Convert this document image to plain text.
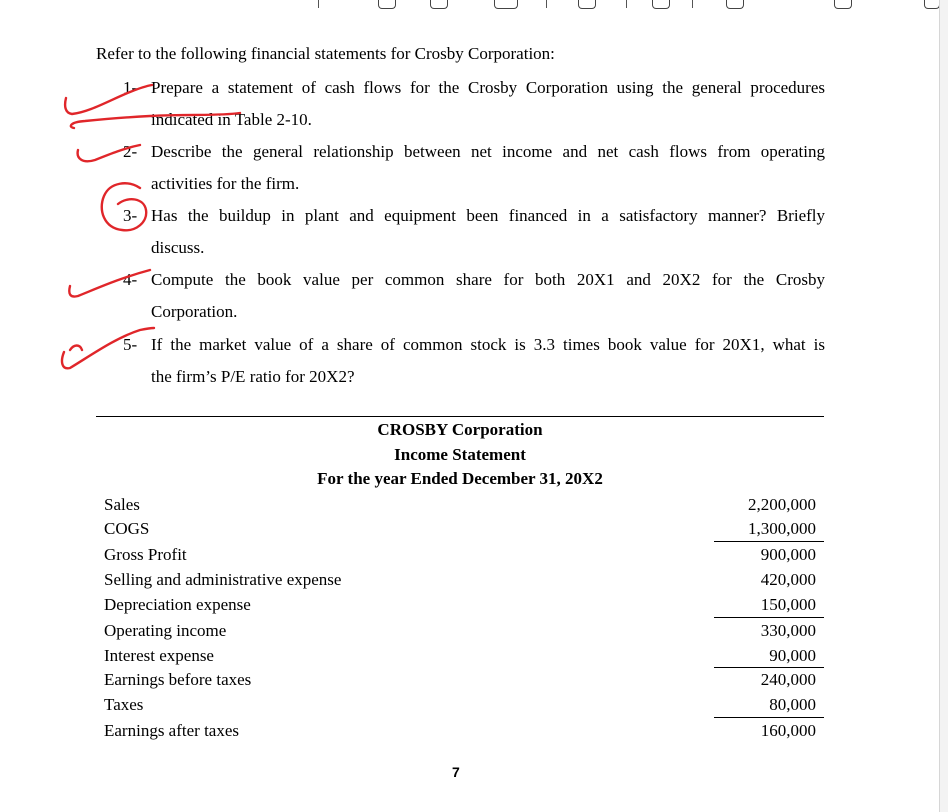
Refer to the following financial statements for Crosby Corporation:
1- Prepare a statement of cash flows for the Crosby Corporation using the general procedures
indicated in Table 2-10.
2- Describe the general relationship between net income and net cash flows from operating
activities for the firm.
3- Has the buildup in plant and equipment been financed in a satisfactory manner? Briefly
discuss.
4- Compute the book value per common share for both 20X1 and 20X2 for the Crosby
Corporation.
5- If the market value of a share of common stock is 3.3 times book value for 20X1, what is
the firm’s P/E ratio for 20X2?
CROSBY Corporation
Income Statement
For the year Ended December 31, 20X2
Sales	2,200,000
COGS	1,300,000
Gross Profit	900,000
Selling and administrative expense	420,000
Depreciation expense	150,000
Operating income	330,000
Interest expense	90,000
Earnings before taxes	240,000
Taxes	80,000
Earnings after taxes	160,000
7
